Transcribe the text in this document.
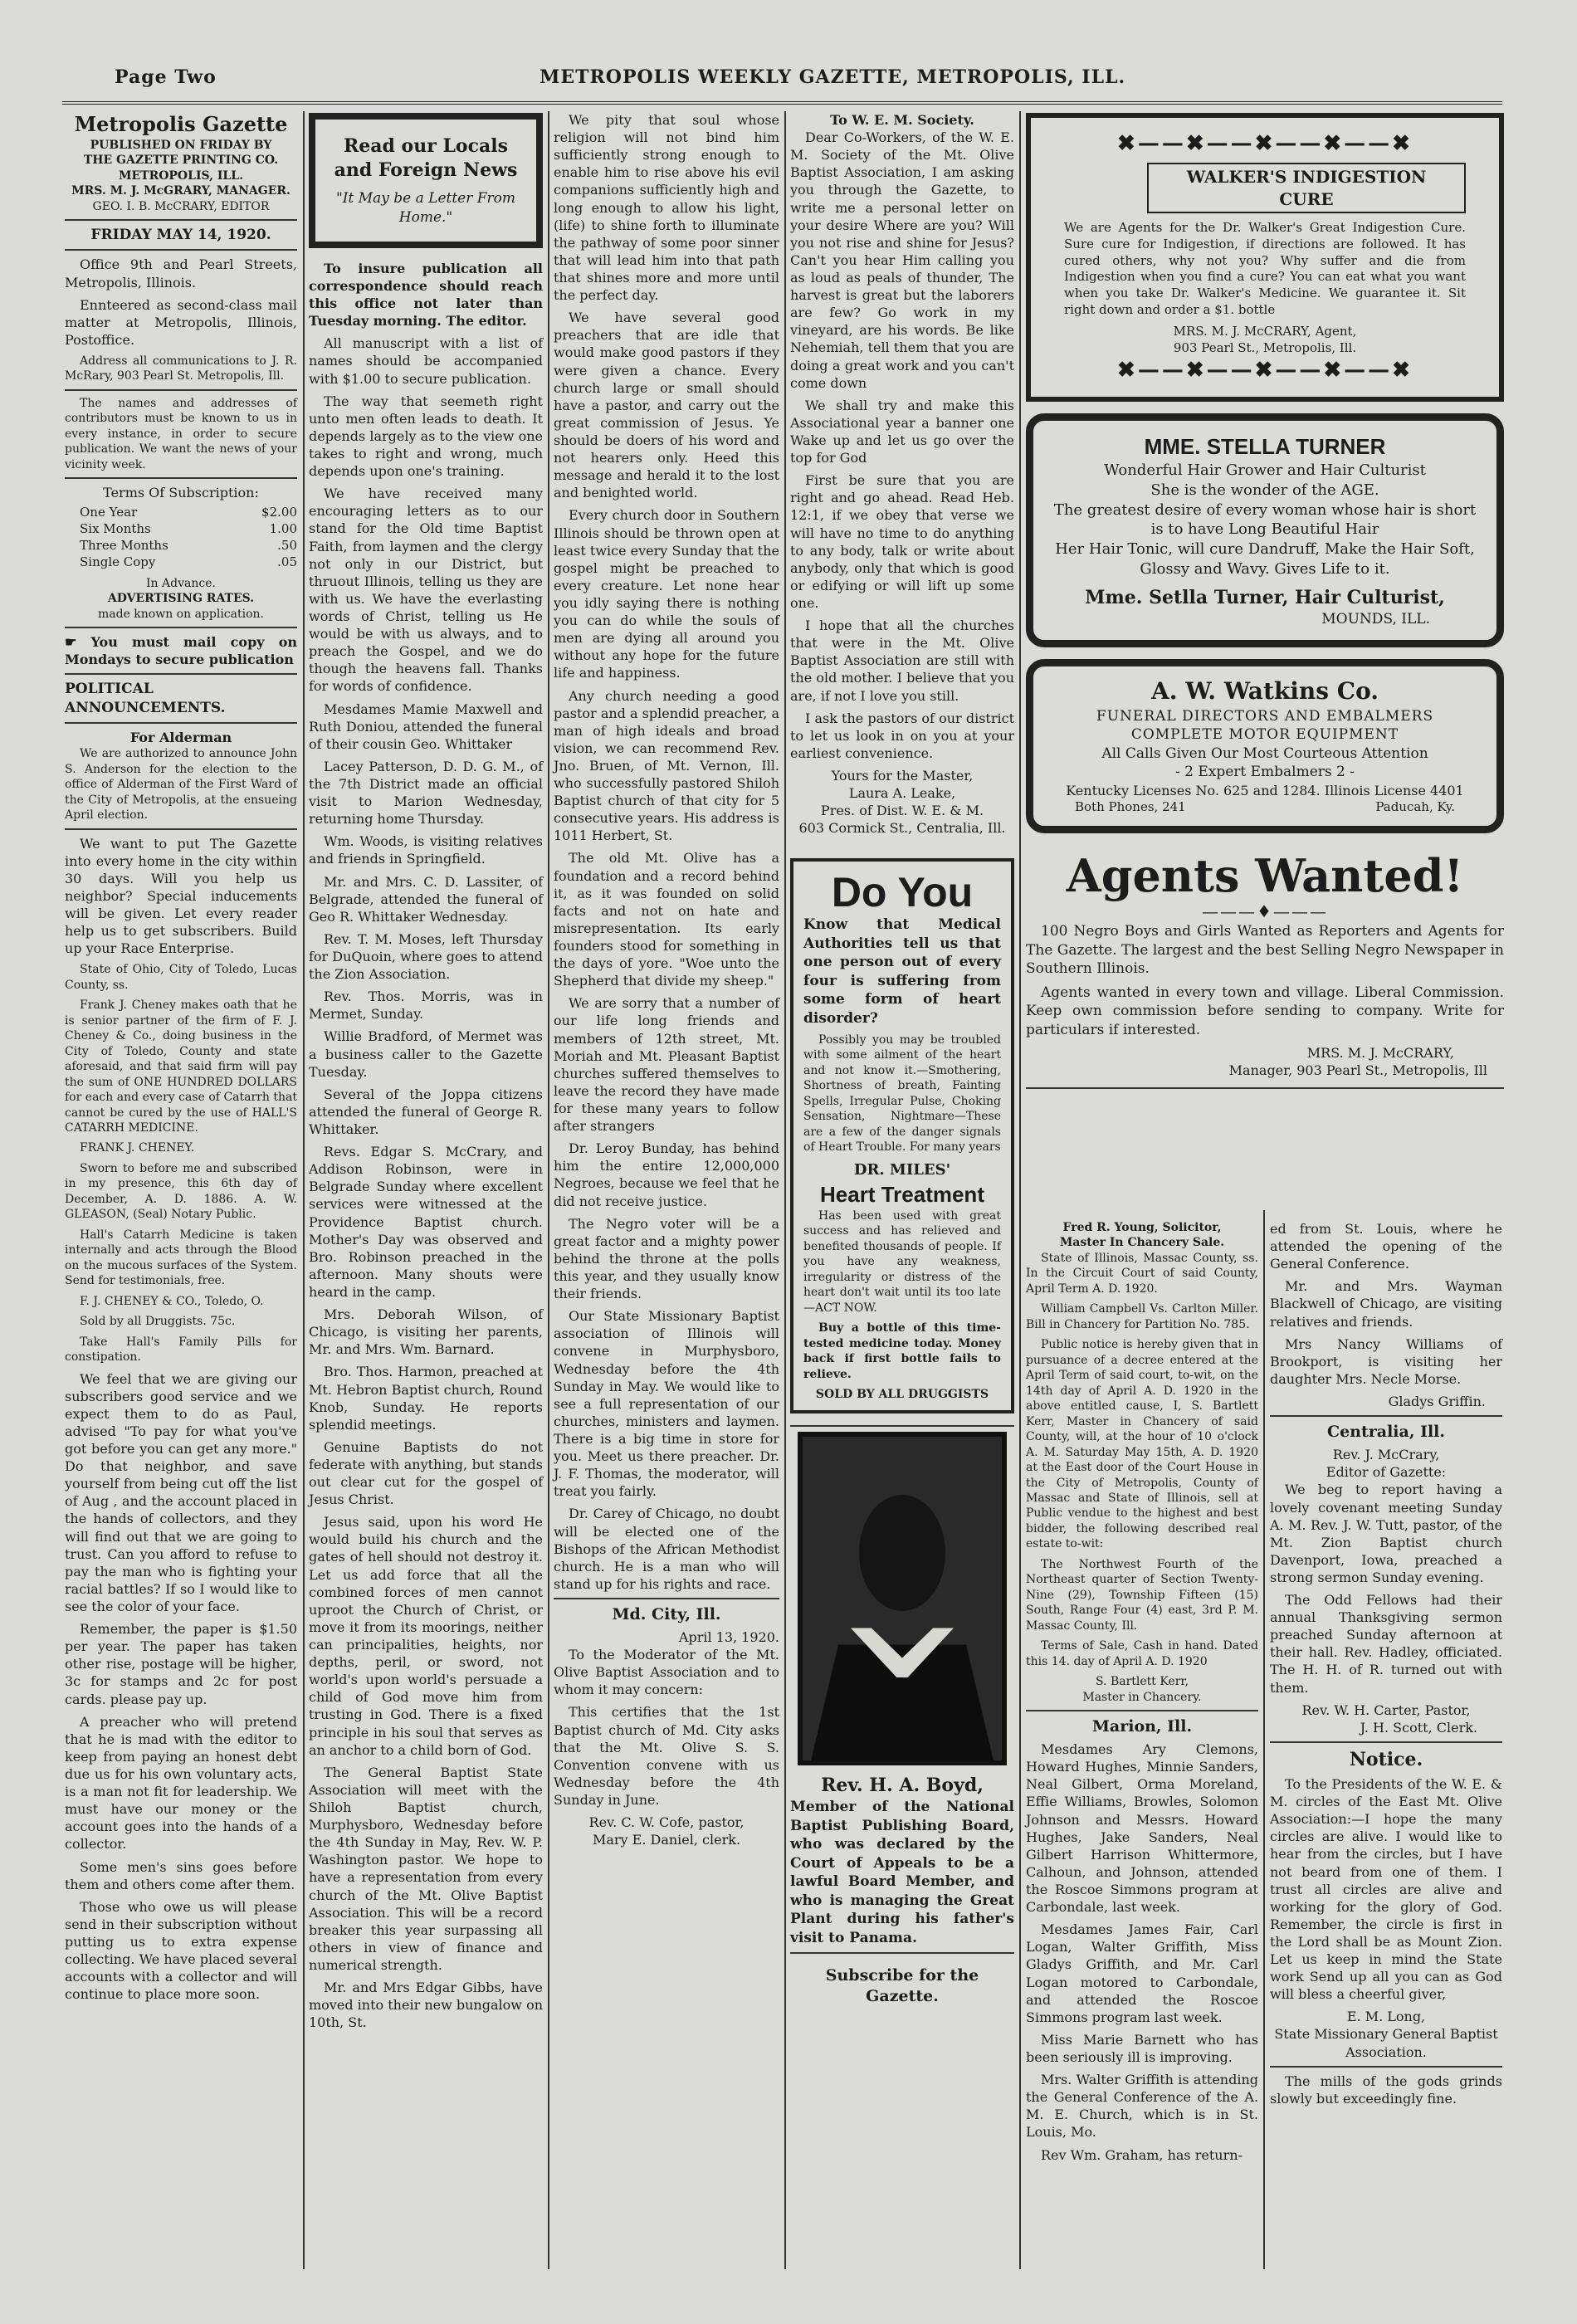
Page Two	METROPOLIS WEEKLY GAZETTE, METROPOLIS, ILL.
Metropolis Gazette
PUBLISHED ON FRIDAY BY
THE GAZETTE PRINTING CO.
METROPOLIS, ILL.
MRS. M. J. McGRARY, MANAGER.
GEO. I. B. McCRARY, EDITOR
FRIDAY MAY 14, 1920.

Office 9th and Pearl Streets, Metropolis, Illinois.

Ennteered as second-class mail matter at Metropolis, Illinois, Postoffice.

Address all communications to J. R. McRary, 903 Pearl St. Metropolis, Ill.

The names and addresses of contributors must be known to us in every instance, in order to secure publication. We want the news of your vicinity week.

Terms Of Subscription:
One Year	$2.00
Six Months	1.00
Three Months	.50
Single Copy	.05
In Advance.
ADVERTISING RATES.
made known on application.

☛ You must mail copy on Mondays to secure publication

POLITICAL ANNOUNCEMENTS.
For Alderman

We are authorized to announce John S. Anderson for the election to the office of Alderman of the First Ward of the City of Metropolis, at the ensueing April election.

We want to put The Gazette into every home in the city within 30 days. Will you help us neighbor? Special inducements will be given. Let every reader help us to get subscribers. Build up your Race Enterprise.

State of Ohio, City of Toledo, Lucas County, ss.

Frank J. Cheney makes oath that he is senior partner of the firm of F. J. Cheney & Co., doing business in the City of Toledo, County and state aforesaid, and that said firm will pay the sum of ONE HUNDRED DOLLARS for each and every case of Catarrh that cannot be cured by the use of HALL'S CATARRH MEDICINE.

FRANK J. CHENEY.

Sworn to before me and subscribed in my presence, this 6th day of December, A. D. 1886. A. W. GLEASON, (Seal) Notary Public.

Hall's Catarrh Medicine is taken internally and acts through the Blood on the mucous surfaces of the System. Send for testimonials, free.

F. J. CHENEY & CO., Toledo, O.

Sold by all Druggists. 75c.

Take Hall's Family Pills for constipation.

We feel that we are giving our subscribers good service and we expect them to do as Paul, advised "To pay for what you've got before you can get any more." Do that neighbor, and save yourself from being cut off the list of Aug , and the account placed in the hands of collectors, and they will find out that we are going to trust. Can you afford to refuse to pay the man who is fighting your racial battles? If so I would like to see the color of your face.

Remember, the paper is $1.50 per year. The paper has taken other rise, postage will be higher, 3c for stamps and 2c for post cards. please pay up.

A preacher who will pretend that he is mad with the editor to keep from paying an honest debt due us for his own voluntary acts, is a man not fit for leadership. We must have our money or the account goes into the hands of a collector.

Some men's sins goes before them and others come after them.

Those who owe us will please send in their subscription without putting us to extra expense collecting. We have placed several accounts with a collector and will continue to place more soon.

Read our Locals and Foreign News
"It May be a Letter From Home."

To insure publication all correspondence should reach this office not later than Tuesday morning. The editor.

All manuscript with a list of names should be accompanied with $1.00 to secure publication.

The way that seemeth right unto men often leads to death. It depends largely as to the view one takes to right and wrong, much depends upon one's training.

We have received many encouraging letters as to our stand for the Old time Baptist Faith, from laymen and the clergy not only in our District, but thruout Illinois, telling us they are with us. We have the everlasting words of Christ, telling us He would be with us always, and to preach the Gospel, and we do though the heavens fall. Thanks for words of confidence.

Mesdames Mamie Maxwell and Ruth Doniou, attended the funeral of their cousin Geo. Whittaker

Lacey Patterson, D. D. G. M., of the 7th District made an official visit to Marion Wednesday, returning home Thursday.

Wm. Woods, is visiting relatives and friends in Springfield.

Mr. and Mrs. C. D. Lassiter, of Belgrade, attended the funeral of Geo R. Whittaker Wednesday.

Rev. T. M. Moses, left Thursday for DuQuoin, where goes to attend the Zion Association.

Rev. Thos. Morris, was in Mermet, Sunday.

Willie Bradford, of Mermet was a business caller to the Gazette Tuesday.

Several of the Joppa citizens attended the funeral of George R. Whittaker.

Revs. Edgar S. McCrary, and Addison Robinson, were in Belgrade Sunday where excellent services were witnessed at the Providence Baptist church. Mother's Day was observed and Bro. Robinson preached in the afternoon. Many shouts were heard in the camp.

Mrs. Deborah Wilson, of Chicago, is visiting her parents, Mr. and Mrs. Wm. Barnard.

Bro. Thos. Harmon, preached at Mt. Hebron Baptist church, Round Knob, Sunday. He reports splendid meetings.

Genuine Baptists do not federate with anything, but stands out clear cut for the gospel of Jesus Christ.

Jesus said, upon his word He would build his church and the gates of hell should not destroy it. Let us add force that all the combined forces of men cannot uproot the Church of Christ, or move it from its moorings, neither can principalities, heights, nor depths, peril, or sword, not world's upon world's persuade a child of God move him from trusting in God. There is a fixed principle in his soul that serves as an anchor to a child born of God.

The General Baptist State Association will meet with the Shiloh Baptist church, Murphysboro, Wednesday before the 4th Sunday in May, Rev. W. P. Washington pastor. We hope to have a representation from every church of the Mt. Olive Baptist Association. This will be a record breaker this year surpassing all others in view of finance and numerical strength.

Mr. and Mrs Edgar Gibbs, have moved into their new bungalow on 10th, St.

We pity that soul whose religion will not bind him sufficiently strong enough to enable him to rise above his evil companions sufficiently high and long enough to allow his light, (life) to shine forth to illuminate the pathway of some poor sinner that will lead him into that path that shines more and more until the perfect day.

We have several good preachers that are idle that would make good pastors if they were given a chance. Every church large or small should have a pastor, and carry out the great commission of Jesus. Ye should be doers of his word and not hearers only. Heed this message and herald it to the lost and benighted world.

Every church door in Southern Illinois should be thrown open at least twice every Sunday that the gospel might be preached to every creature. Let none hear you idly saying there is nothing you can do while the souls of men are dying all around you without any hope for the future life and happiness.

Any church needing a good pastor and a splendid preacher, a man of high ideals and broad vision, we can recommend Rev. Jno. Bruen, of Mt. Vernon, Ill. who successfully pastored Shiloh Baptist church of that city for 5 consecutive years. His address is 1011 Herbert, St.

The old Mt. Olive has a foundation and a record behind it, as it was founded on solid facts and not on hate and misrepresentation. Its early founders stood for something in the days of yore. "Woe unto the Shepherd that divide my sheep."

We are sorry that a number of our life long friends and members of 12th street, Mt. Moriah and Mt. Pleasant Baptist churches suffered themselves to leave the record they have made for these many years to follow after strangers

Dr. Leroy Bunday, has behind him the entire 12,000,000 Negroes, because we feel that he did not receive justice.

The Negro voter will be a great factor and a mighty power behind the throne at the polls this year, and they usually know their friends.

Our State Missionary Baptist association of Illinois will convene in Murphysboro, Wednesday before the 4th Sunday in May. We would like to see a full representation of our churches, ministers and laymen. There is a big time in store for you. Meet us there preacher. Dr. J. F. Thomas, the moderator, will treat you fairly.

Dr. Carey of Chicago, no doubt will be elected one of the Bishops of the African Methodist church. He is a man who will stand up for his rights and race.

Md. City, Ill.
April 13, 1920.

To the Moderator of the Mt. Olive Baptist Association and to whom it may concern:

This certifies that the 1st Baptist church of Md. City asks that the Mt. Olive S. S. Convention convene with us Wednesday before the 4th Sunday in June.

Rev. C. W. Cofe, pastor,
Mary E. Daniel, clerk.
To W. E. M. Society.

Dear Co-Workers, of the W. E. M. Society of the Mt. Olive Baptist Association, I am asking you through the Gazette, to write me a personal letter on your desire Where are you? Will you not rise and shine for Jesus? Can't you hear Him calling you as loud as peals of thunder, The harvest is great but the laborers are few? Go work in my vineyard, are his words. Be like Nehemiah, tell them that you are doing a great work and you can't come down

We shall try and make this Associational year a banner one Wake up and let us go over the top for God

First be sure that you are right and go ahead. Read Heb. 12:1, if we obey that verse we will have no time to do anything to any body, talk or write about anybody, only that which is good or edifying or will lift up some one.

I hope that all the churches that were in the Mt. Olive Baptist Association are still with the old mother. I believe that you are, if not I love you still.

I ask the pastors of our district to let us look in on you at your earliest convenience.

Yours for the Master,
Laura A. Leake,
Pres. of Dist. W. E. & M.
603 Cormick St., Centralia, Ill.
Do You

Know that Medical Authorities tell us that one person out of every four is suffering from some form of heart disorder?

Possibly you may be troubled with some ailment of the heart and not know it.—Smothering, Shortness of breath, Fainting Spells, Irregular Pulse, Choking Sensation, Nightmare—These are a few of the danger signals of Heart Trouble. For many years

DR. MILES'
Heart Treatment

Has been used with great success and has relieved and benefited thousands of people. If you have any weakness, irregularity or distress of the heart don't wait until its too late—ACT NOW.

Buy a bottle of this time-tested medicine today. Money back if first bottle fails to relieve.

SOLD BY ALL DRUGGISTS
Rev. H. A. Boyd,

Member of the National Baptist Publishing Board, who was declared by the Court of Appeals to be a lawful Board Member, and who is managing the Great Plant during his father's visit to Panama.

Subscribe for the Gazette.
✖——✖——✖——✖——✖
WALKER'S INDIGESTION CURE

We are Agents for the Dr. Walker's Great Indigestion Cure. Sure cure for Indigestion, if directions are followed. It has cured others, why not you? Why suffer and die from Indigestion when you find a cure? You can eat what you want when you take Dr. Walker's Medicine. We guarantee it. Sit right down and order a $1. bottle

MRS. M. J. McCRARY, Agent,
903 Pearl St., Metropolis, Ill.
✖——✖——✖——✖——✖
MME. STELLA TURNER
Wonderful Hair Grower and Hair Culturist
She is the wonder of the AGE.
The greatest desire of every woman whose hair is short is to have Long Beautiful Hair
Her Hair Tonic, will cure Dandruff, Make the Hair Soft, Glossy and Wavy. Gives Life to it.
Mme. Setlla Turner, Hair Culturist,
MOUNDS, ILL.
A. W. Watkins Co.
FUNERAL DIRECTORS AND EMBALMERS
COMPLETE MOTOR EQUIPMENT
All Calls Given Our Most Courteous Attention
- 2 Expert Embalmers 2 -
Kentucky Licenses No. 625 and 1284. Illinois License 4401
Both Phones, 241	Paducah, Ky.
Agents Wanted!
———♦———

100 Negro Boys and Girls Wanted as Reporters and Agents for The Gazette. The largest and the best Selling Negro Newspaper in Southern Illinois.

Agents wanted in every town and village. Liberal Commission. Keep own commission before sending to company. Write for particulars if interested.

MRS. M. J. McCRARY,
Manager, 903 Pearl St., Metropolis, Ill
Fred R. Young, Solicitor,
Master In Chancery Sale.

State of Illinois, Massac County, ss. In the Circuit Court of said County, April Term A. D. 1920.

William Campbell Vs. Carlton Miller. Bill in Chancery for Partition No. 785.

Public notice is hereby given that in pursuance of a decree entered at the April Term of said court, to-wit, on the 14th day of April A. D. 1920 in the above entitled cause, I, S. Bartlett Kerr, Master in Chancery of said County, will, at the hour of 10 o'clock A. M. Saturday May 15th, A. D. 1920 at the East door of the Court House in the City of Metropolis, County of Massac and State of Illinois, sell at Public vendue to the highest and best bidder, the following described real estate to-wit:

The Northwest Fourth of the Northeast quarter of Section Twenty-Nine (29), Township Fifteen (15) South, Range Four (4) east, 3rd P. M. Massac County, Ill.

Terms of Sale, Cash in hand. Dated this 14. day of April A. D. 1920

S. Bartlett Kerr,
Master in Chancery.
Marion, Ill.

Mesdames Ary Clemons, Howard Hughes, Minnie Sanders, Neal Gilbert, Orma Moreland, Effie Williams, Browles, Solomon Johnson and Messrs. Howard Hughes, Jake Sanders, Neal Gilbert Harrison Whittermore, Calhoun, and Johnson, attended the Roscoe Simmons program at Carbondale, last week.

Mesdames James Fair, Carl Logan, Walter Griffith, Miss Gladys Griffith, and Mr. Carl Logan motored to Carbondale, and attended the Roscoe Simmons program last week.

Miss Marie Barnett who has been seriously ill is improving.

Mrs. Walter Griffith is attending the General Conference of the A. M. E. Church, which is in St. Louis, Mo.

Rev Wm. Graham, has return-

ed from St. Louis, where he attended the opening of the General Conference.

Mr. and Mrs. Wayman Blackwell of Chicago, are visiting relatives and friends.

Mrs Nancy Williams of Brookport, is visiting her daughter Mrs. Necle Morse.

Gladys Griffin.
Centralia, Ill.
Rev. J. McCrary,
Editor of Gazette:

We beg to report having a lovely covenant meeting Sunday A. M. Rev. J. W. Tutt, pastor, of the Mt. Zion Baptist church Davenport, Iowa, preached a strong sermon Sunday evening.

The Odd Fellows had their annual Thanksgiving sermon preached Sunday afternoon at their hall. Rev. Hadley, officiated. The H. H. of R. turned out with them.

Rev. W. H. Carter, Pastor,
J. H. Scott, Clerk.
Notice.

To the Presidents of the W. E. & M. circles of the East Mt. Olive Association:—I hope the many circles are alive. I would like to hear from the circles, but I have not beard from one of them. I trust all circles are alive and working for the glory of God. Remember, the circle is first in the Lord shall be as Mount Zion. Let us keep in mind the State work Send up all you can as God will bless a cheerful giver,

E. M. Long,
State Missionary General Baptist Association.

The mills of the gods grinds slowly but exceedingly fine.
